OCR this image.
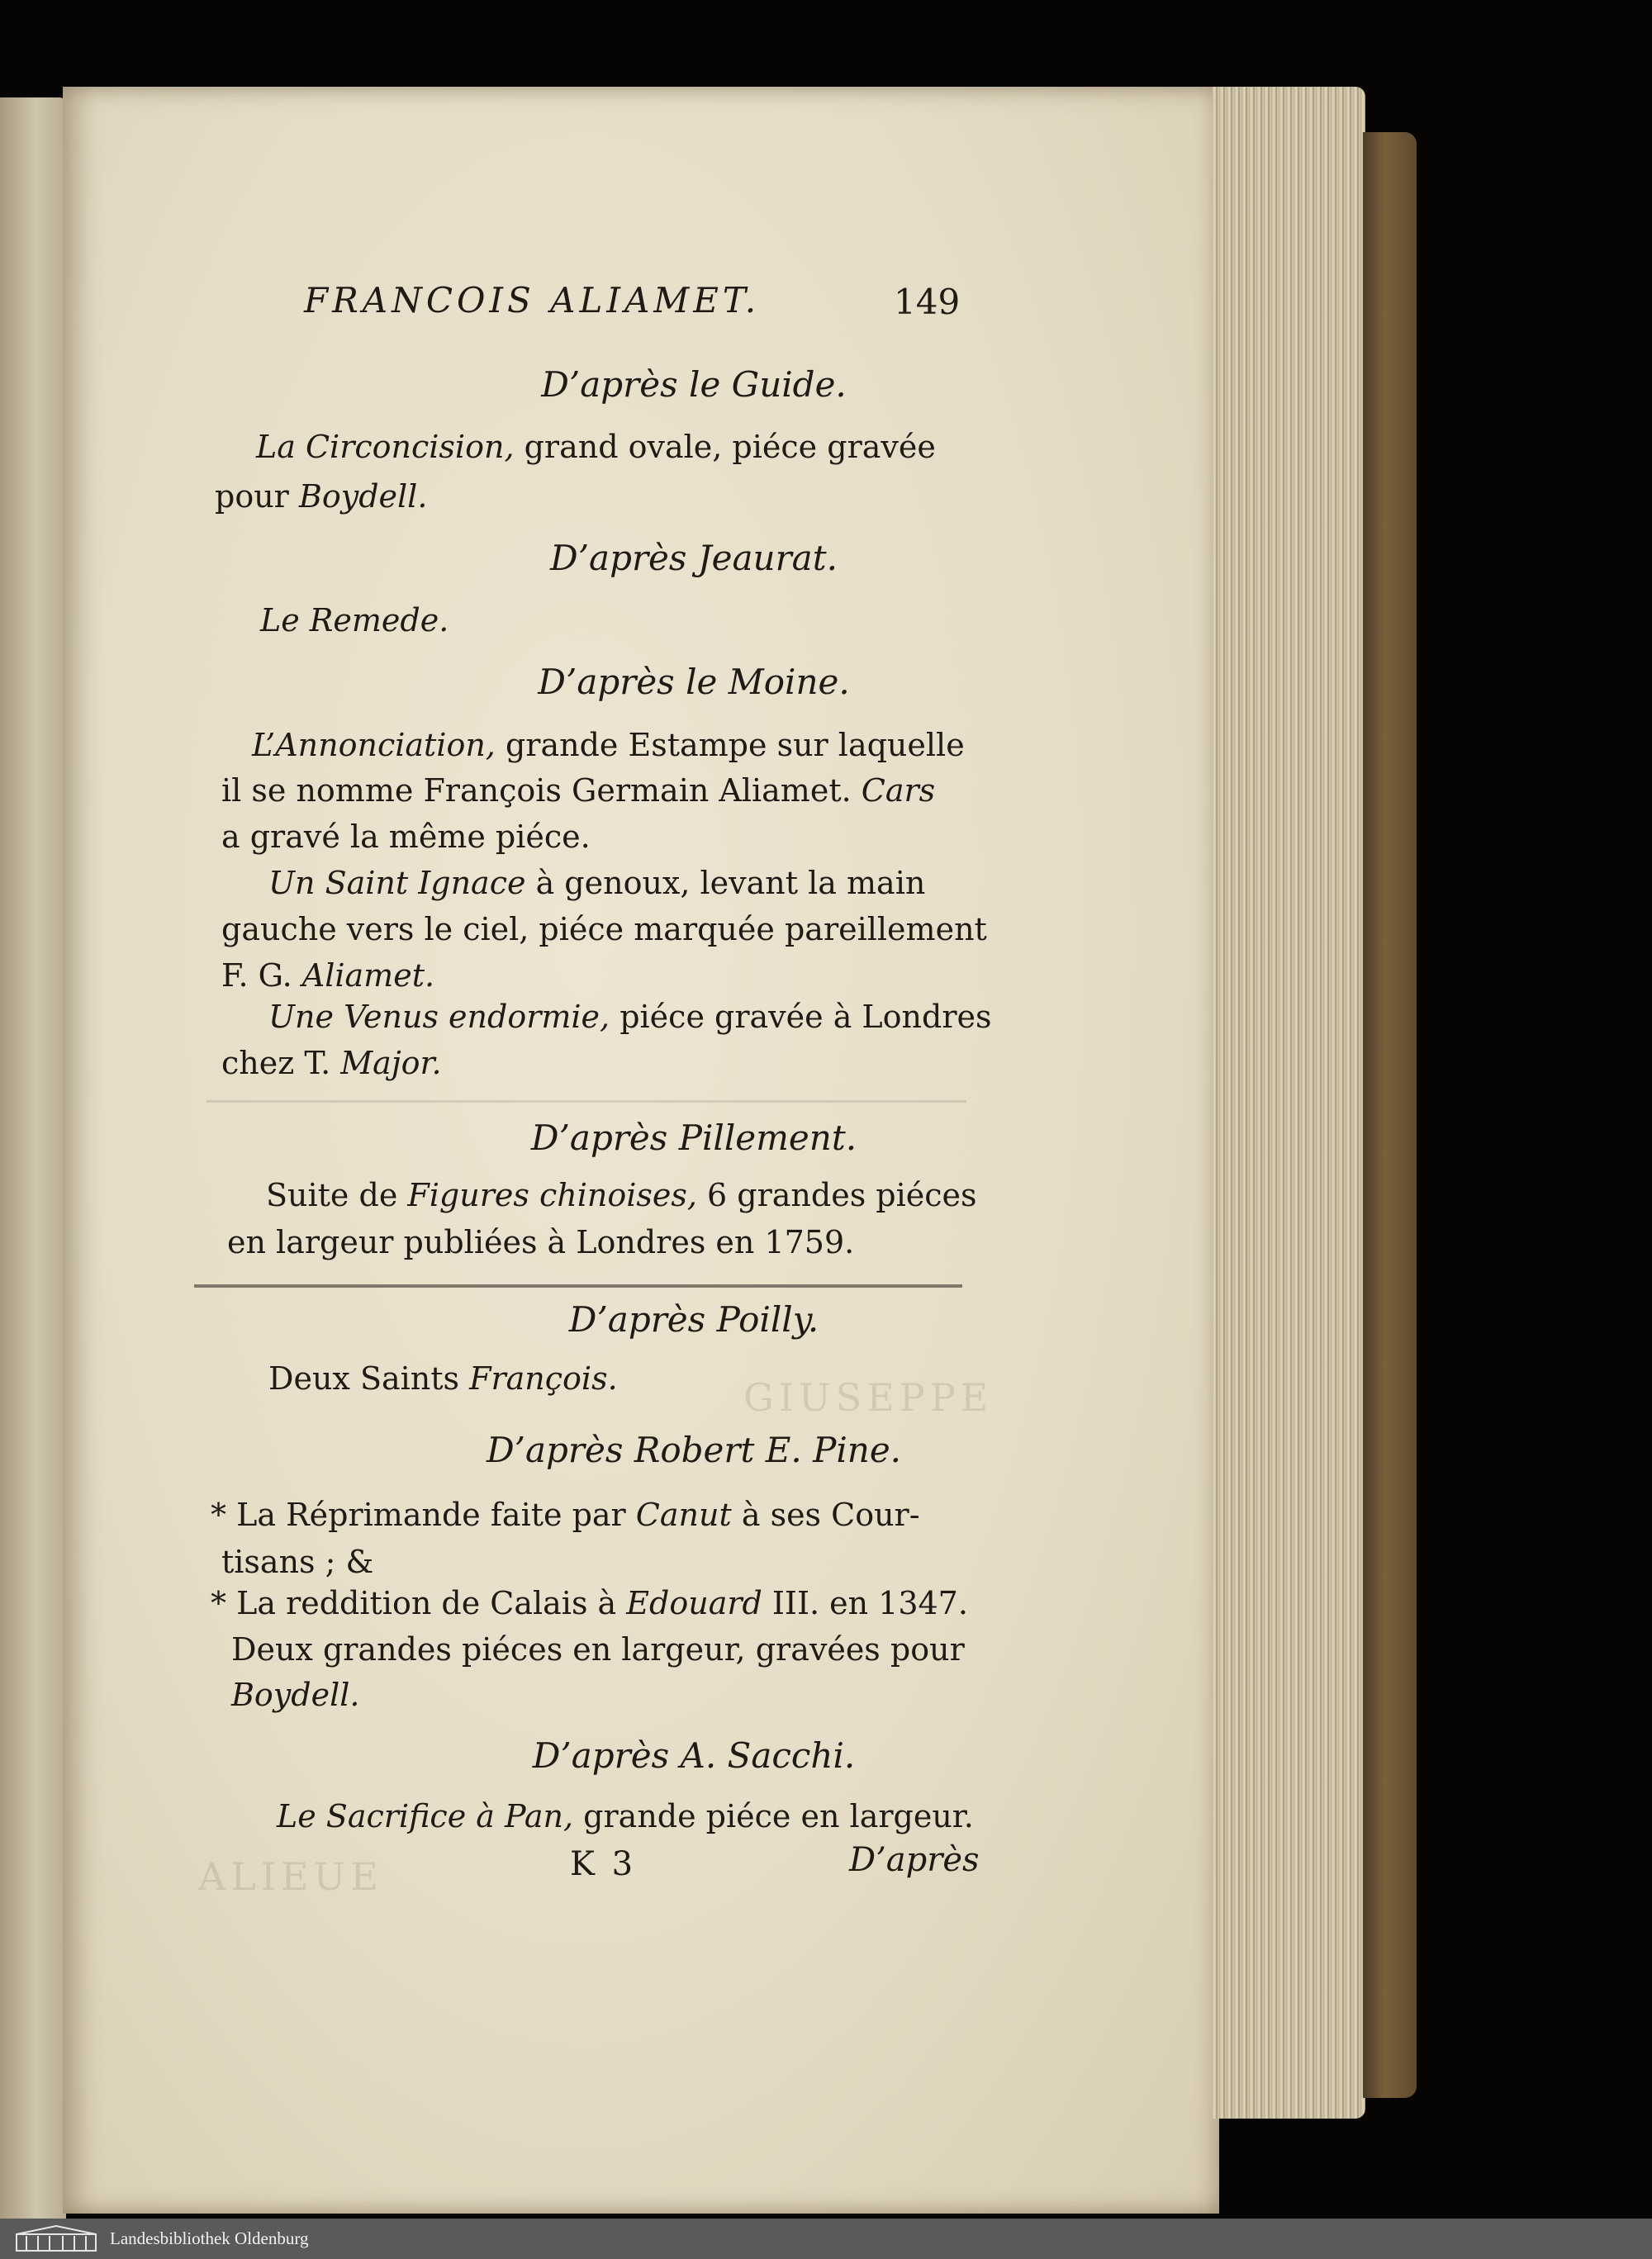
GIUSEPPE
ALIEUE
FRANCOIS ALIAMET.	149
D’après le Guide.
La Circoncision, grand ovale, piéce gravée
pour Boydell.
D’après Jeaurat.
Le Remede.
D’après le Moine.
L’Annonciation, grande Estampe sur laquelle
il se nomme François Germain Aliamet. Cars
a gravé la même piéce.
Un Saint Ignace à genoux, levant la main
gauche vers le ciel, piéce marquée pareillement
F. G. Aliamet.
Une Venus endormie, piéce gravée à Londres
chez T. Major.
D’après Pillement.
Suite de Figures chinoises, 6 grandes piéces
en largeur publiées à Londres en 1759.
D’après Poilly.
Deux Saints François.
D’après Robert E. Pine.
* La Réprimande faite par Canut à ses Cour-
tisans ; &
* La reddition de Calais à Edouard III. en 1347.
Deux grandes piéces en largeur, gravées pour
Boydell.
D’après A. Sacchi.
Le Sacrifice à Pan, grande piéce en largeur.
K 3	D’après
Landesbibliothek Oldenburg
